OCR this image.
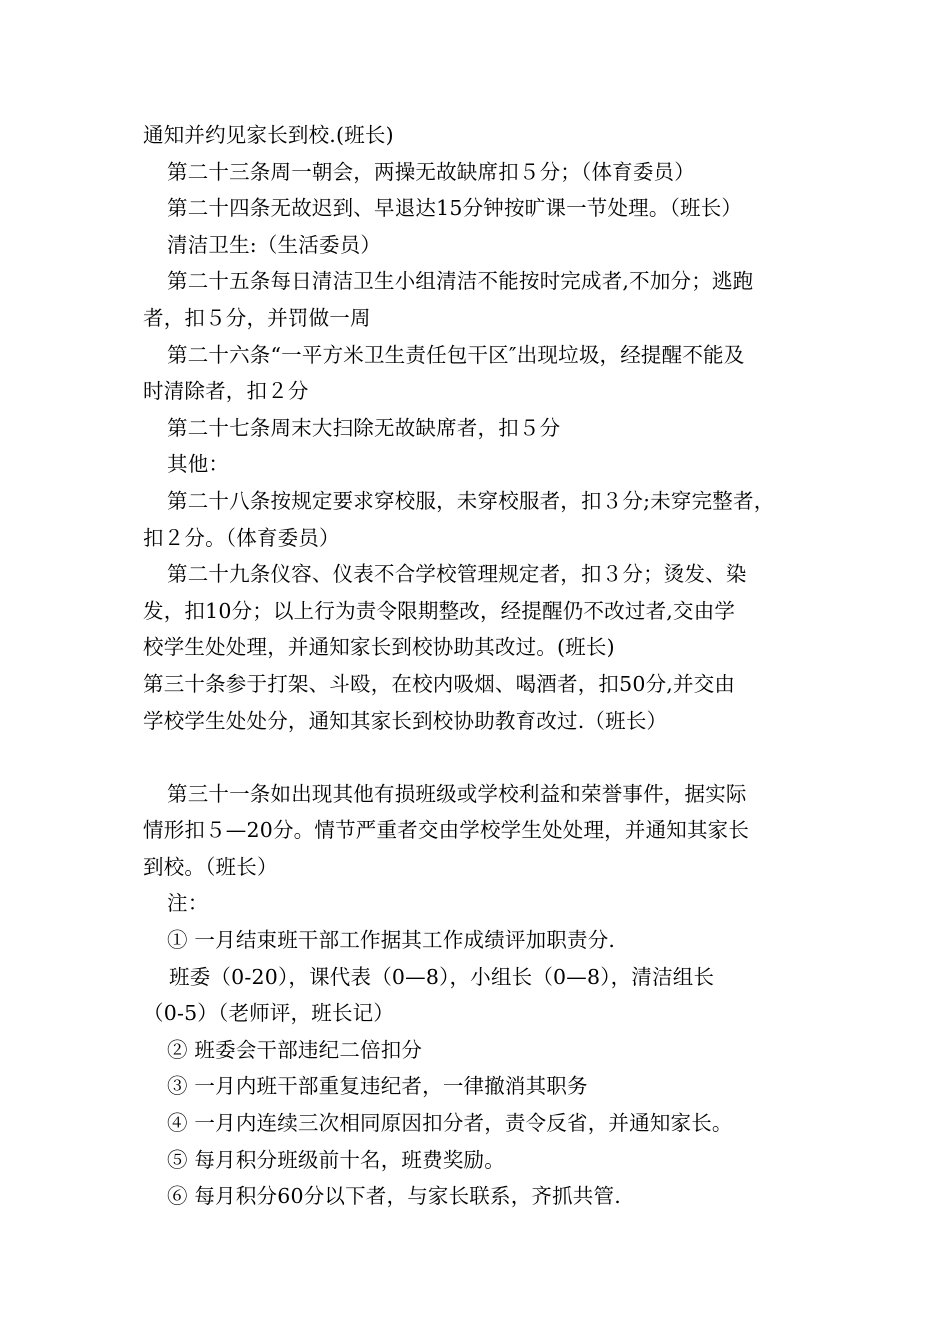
通知并约见家长到校.(班长)
第二十三条周一朝会，两操无故缺席扣５分；（体育委员）
第二十四条无故迟到、早退达15分钟按旷课一节处理。（班长）
清洁卫生:（生活委员）
第二十五条每日清洁卫生小组清洁不能按时完成者,不加分；逃跑
者，扣５分，并罚做一周
第二十六条“一平方米卫生责任包干区″出现垃圾，经提醒不能及
时清除者，扣２分
第二十七条周末大扫除无故缺席者，扣５分
其他：
第二十八条按规定要求穿校服，未穿校服者，扣３分;未穿完整者，
扣２分。（体育委员）
第二十九条仪容、仪表不合学校管理规定者，扣３分；烫发、染
发，扣10分；以上行为责令限期整改，经提醒仍不改过者,交由学
校学生处处理，并通知家长到校协助其改过。(班长)
第三十条参于打架、斗殴，在校内吸烟、喝酒者，扣50分,并交由
学校学生处处分，通知其家长到校协助教育改过.（班长）
第三十一条如出现其他有损班级或学校利益和荣誉事件，据实际
情形扣５—20分。情节严重者交由学校学生处处理，并通知其家长
到校。（班长）
注：
① 一月结束班干部工作据其工作成绩评加职责分.
班委（0-20），课代表（0—8），小组长（0—8），清洁组长
（0-5）（老师评，班长记）
② 班委会干部违纪二倍扣分
③ 一月内班干部重复违纪者，一律撤消其职务
④ 一月内连续三次相同原因扣分者，责令反省，并通知家长。
⑤ 每月积分班级前十名，班费奖励。
⑥ 每月积分60分以下者，与家长联系，齐抓共管.
